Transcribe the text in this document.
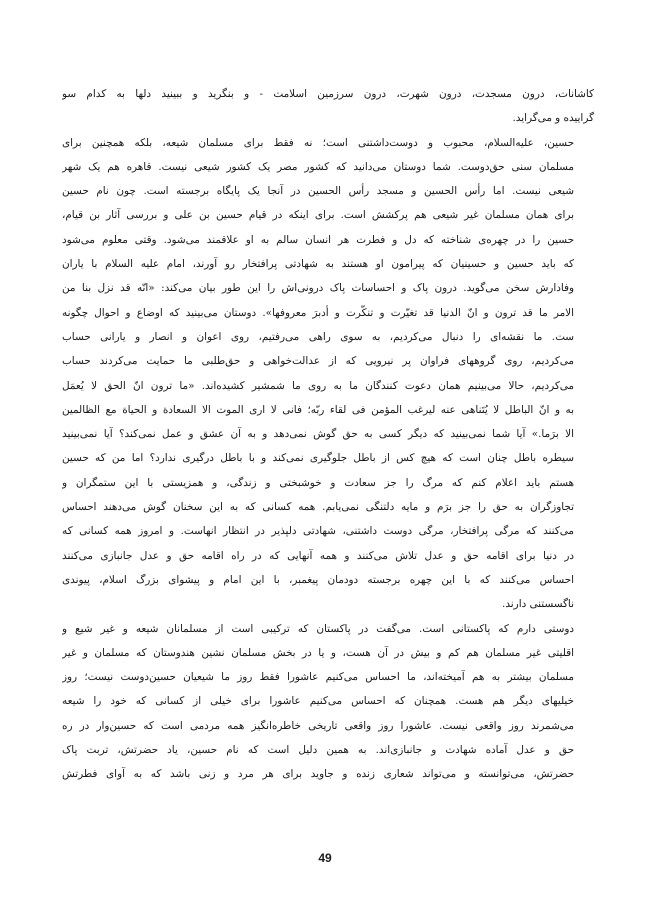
کاشانات، درون مسجدت، درون شهرت، درون سرزمین اسلامت - و بنگرید و ببینید دلها به کدام سو
گراییده و می‌گراید.

حسین، علیه‌السلام، محبوب و دوست‌داشتنی است؛ نه فقط برای مسلمان شیعه، بلکه همچنین برای
مسلمان سنی حق‌دوست. شما دوستان می‌دانید که کشور مصر یک کشور شیعی نیست. قاهره هم یک شهر
شیعی نیست. اما رأس الحسین و مسجد رأس الحسین در آنجا یک پایگاه برجسته است. چون نام حسین
برای همان مسلمان غیر شیعی هم پرکشش است. برای اینکه در قیام حسین بن علی و بررسی آثار بن قیام،
حسین را در چهره‌ی شناخته که دل و فطرت هر انسان سالم به او علاقمند می‌شود. وقتی معلوم می‌شود
که باید حسین و حسینیان که پیرامون او هستند به شهادتی پرافتخار رو آورند، امام علیه السلام با یاران
وفادارش سخن می‌گوید. درون پاک و احساسات پاک درونی‌اش را این طور بیان می‌کند: «انّه قد نزل بنا من
الامر ما قد ترون و انّ الدنیا قد تغیّرت و تنکّرت و أدبرَ معروفها». دوستان می‌بینید که اوضاع و احوال چگونه
ست. ما نقشه‌ای را دنبال می‌کردیم، به سوی راهی می‌رفتیم، روی اعوان و انصار و یارانی حساب
می‌کردیم، روی گروههای فراوان پر نیرویی که از عدالت‌خواهی و حق‌طلبی ما حمایت می‌کردند حساب
می‌کردیم، حالا می‌بینیم همان دعوت کنندگان ما به روی ما شمشیر کشیده‌اند. «ما ترون انّ الحق لا یُعمَل
به و انّ الباطل لا یُتَناهی عنه لیرغب المؤمن فی لقاء ربّه؛ فانی لا اری الموت الا السعادة و الحیاة مع الظالمین
الا برَما.» آیا شما نمی‌بینید که دیگر کسی به حق گوش نمی‌دهد و به آن عشق و عمل نمی‌کند؟ آیا نمی‌بینید
سیطره باطل چنان است که هیچ کس از باطل جلوگیری نمی‌کند و با باطل درگیری ندارد؟ اما من که حسین
هستم باید اعلام کنم که مرگ را جز سعادت و خوشبختی و زندگی، و همزیستی با این ستمگران و
تجاوزگران به حق را جز برَم و مایه دلتنگی نمی‌یابم. همه کسانی که به این سخنان گوش می‌دهند احساس
می‌کنند که مرگی پرافتخار، مرگی دوست داشتنی، شهادتی دلپذیر در انتظار انهاست. و امروز همه کسانی که
در دنیا برای اقامه حق و عدل تلاش می‌کنند و همه آنهایی که در راه اقامه حق و عدل جانبازی می‌کنند
احساس می‌کنند که با این چهره برجسته دودمان پیغمبر، با این امام و پیشوای بزرگ اسلام، پیوندی
ناگسستنی دارند.

دوستی دارم که پاکستانی است. می‌گفت در پاکستان که ترکیبی است از مسلمانان شیعه و غیر شیع و
اقلیتی غیر مسلمان هم کم و بیش در آن هست، و یا در بخش مسلمان نشین هندوستان که مسلمان و غیر
مسلمان بیشتر به هم آمیخته‌اند، ما احساس می‌کنیم عاشورا فقط روز ما شیعیان حسین‌دوست نیست؛ روز
خیلیهای دیگر هم هست. همچنان که احساس می‌کنیم عاشورا برای خیلی از کسانی که خود را شیعه
می‌شمرند روز واقعی نیست. عاشورا روز واقعی تاریخی خاطره‌انگیز همه مردمی است که حسین‌وار در ره
حق و عدل آماده شهادت و جانبازی‌اند. به همین دلیل است که نام حسین، یاد حضرتش، تربت پاک
حضرتش، می‌توانسته و می‌تواند شعاری زنده و جاوید برای هر مرد و زنی باشد که به آوای فطرتش

49
